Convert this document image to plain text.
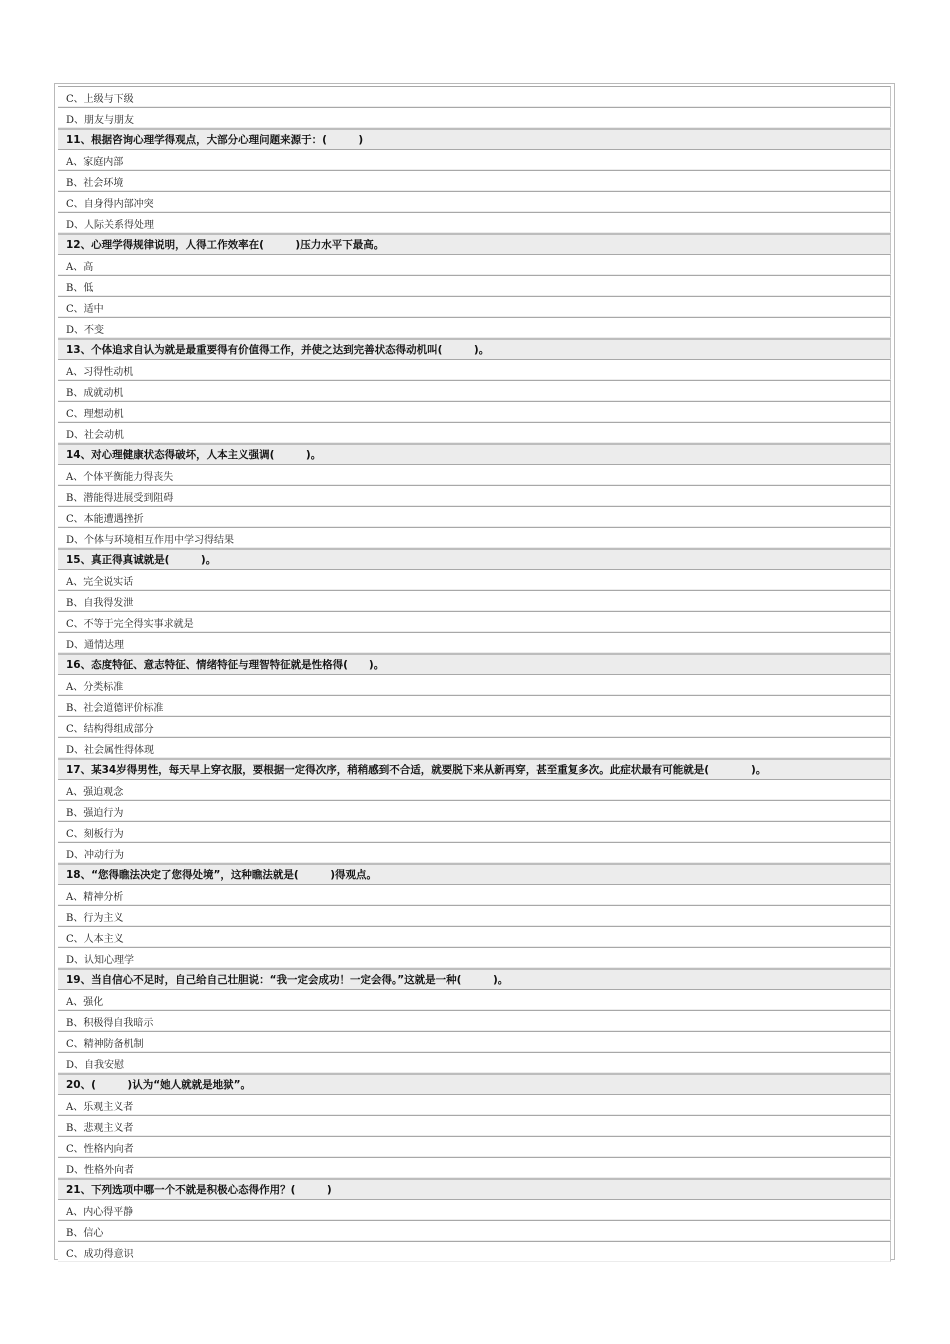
C、上级与下级
D、朋友与朋友
11、根据咨询心理学得观点，大部分心理问题来源于：(　　　)
A、家庭内部
B、社会环境
C、自身得内部冲突
D、人际关系得处理
12、心理学得规律说明，人得工作效率在(　　　)压力水平下最高。
A、高
B、低
C、适中
D、不变
13、个体追求自认为就是最重要得有价值得工作，并使之达到完善状态得动机叫(　　　)。
A、习得性动机
B、成就动机
C、理想动机
D、社会动机
14、对心理健康状态得破坏，人本主义强调(　　　)。
A、个体平衡能力得丧失
B、潜能得进展受到阻碍
C、本能遭遇挫折
D、个体与环境相互作用中学习得结果
15、真正得真诚就是(　　　)。
A、完全说实话
B、自我得发泄
C、不等于完全得实事求就是
D、通情达理
16、态度特征、意志特征、情绪特征与理智特征就是性格得(　　)。
A、分类标准
B、社会道德评价标准
C、结构得组成部分
D、社会属性得体现
17、某34岁得男性，每天早上穿衣服，要根据一定得次序，稍稍感到不合适，就要脱下来从新再穿，甚至重复多次。此症状最有可能就是(　　　　)。
A、强迫观念
B、强迫行为
C、刻板行为
D、冲动行为
18、“您得瞧法决定了您得处境”，这种瞧法就是(　　　)得观点。
A、精神分析
B、行为主义
C、人本主义
D、认知心理学
19、当自信心不足时，自己给自己壮胆说：“我一定会成功！一定会得。”这就是一种(　　　)。
A、强化
B、积极得自我暗示
C、精神防备机制
D、自我安慰
20、(　　　)认为“她人就就是地狱”。
A、乐观主义者
B、悲观主义者
C、性格内向者
D、性格外向者
21、下列选项中哪一个不就是积极心态得作用？(　　　)
A、内心得平静
B、信心
C、成功得意识
